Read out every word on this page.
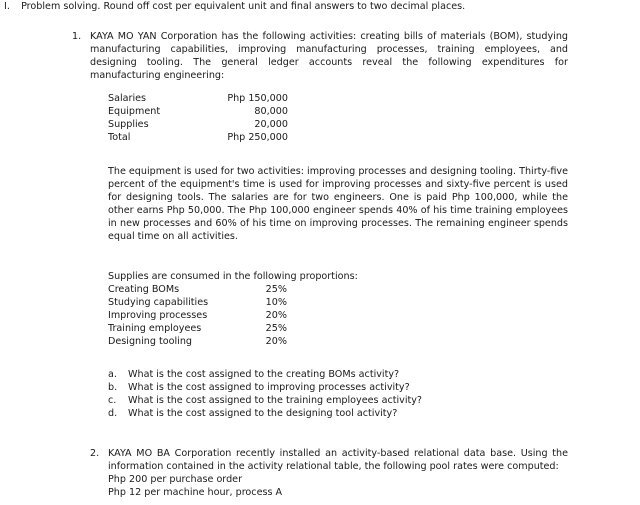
I. Problem solving. Round off cost per equivalent unit and final answers to two decimal places.
1. KAYA MO YAN Corporation has the following activities: creating bills of materials (BOM), studying manufacturing capabilities, improving manufacturing processes, training employees, and designing tooling. The general ledger accounts reveal the following expenditures for manufacturing engineering:
Salaries	Php 150,000
Equipment	80,000
Supplies	20,000
Total	Php 250,000
The equipment is used for two activities: improving processes and designing tooling. Thirty-five percent of the equipment's time is used for improving processes and sixty-five percent is used for designing tools. The salaries are for two engineers. One is paid Php 100,000, while the other earns Php 50,000. The Php 100,000 engineer spends 40% of his time training employees in new processes and 60% of his time on improving processes. The remaining engineer spends equal time on all activities.
Supplies are consumed in the following proportions:
Creating BOMs	25%
Studying capabilities	10%
Improving processes	20%
Training employees	25%
Designing tooling	20%
a. What is the cost assigned to the creating BOMs activity?
b. What is the cost assigned to improving processes activity?
c. What is the cost assigned to the training employees activity?
d. What is the cost assigned to the designing tool activity?
2. KAYA MO BA Corporation recently installed an activity-based relational data base. Using the information contained in the activity relational table, the following pool rates were computed:
Php 200 per purchase order
Php 12 per machine hour, process A
